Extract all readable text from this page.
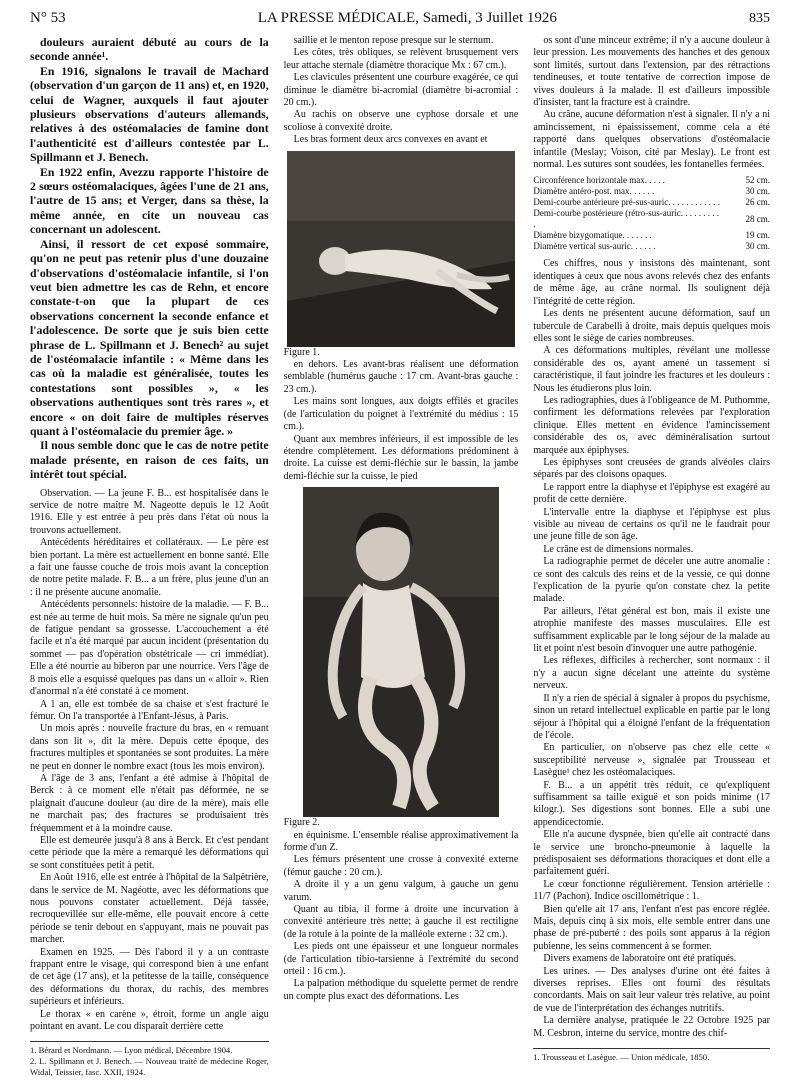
N° 53	LA PRESSE MÉDICALE, Samedi, 3 Juillet 1926	835

douleurs auraient débuté au cours de la seconde année¹.

En 1916, signalons le travail de Machard (observation d'un garçon de 11 ans) et, en 1920, celui de Wagner, auxquels il faut ajouter plusieurs observations d'auteurs allemands, relatives à des ostéomalacies de famine dont l'authenticité est d'ailleurs contestée par L. Spillmann et J. Benech.

En 1922 enfin, Avezzu rapporte l'histoire de 2 sœurs ostéomalaciques, âgées l'une de 21 ans, l'autre de 15 ans; et Verger, dans sa thèse, la même année, en cite un nouveau cas concernant un adolescent.

Ainsi, il ressort de cet exposé sommaire, qu'on ne peut pas retenir plus d'une douzaine d'observations d'ostéomalacie infantile, si l'on veut bien admettre les cas de Rehn, et encore constate-t-on que la plupart de ces observations concernent la seconde enfance et l'adolescence. De sorte que je suis bien cette phrase de L. Spillmann et J. Benech² au sujet de l'ostéomalacie infantile : « Même dans les cas où la maladie est généralisée, toutes les contestations sont possibles », « les observations authentiques sont très rares », et encore « on doit faire de multiples réserves quant à l'ostéomalacie du premier âge. »

Il nous semble donc que le cas de notre petite malade présente, en raison de ces faits, un intérêt tout spécial.

Observation. — La jeune F. B... est hospitalisée dans le service de notre maître M. Nageotte depuis le 12 Août 1916. Elle y est entrée à peu près dans l'état où nous la trouvons actuellement.

Antécédents héréditaires et collatéraux. — Le père est bien portant. La mère est actuellement en bonne santé. Elle a fait une fausse couche de trois mois avant la conception de notre petite malade. F. B... a un frère, plus jeune d'un an : il ne présente aucune anomalie.

Antécédents personnels: histoire de la maladie. — F. B... est née au terme de huit mois. Sa mère ne signale qu'un peu de fatigue pendant sa grossesse. L'accouchement a été facile et n'a été marqué par aucun incident (présentation du sommet — pas d'opération obstétricale — cri immédiat). Elle a été nourrie au biberon par une nourrice. Vers l'âge de 8 mois elle a esquissé quelques pas dans un « alloir ». Rien d'anormal n'a été constaté à ce moment.

A 1 an, elle est tombée de sa chaise et s'est fracturé le fémur. On l'a transportée à l'Enfant-Jésus, à Paris.

Un mois après : nouvelle fracture du bras, en « remuant dans son lit », dit la mère. Depuis cette époque, des fractures multiples et spontanées se sont produites. La mère ne peut en donner le nombre exact (tous les mois environ).

A l'âge de 3 ans, l'enfant a été admise à l'hôpital de Berck : à ce moment elle n'était pas déformée, ne se plaignait d'aucune douleur (au dire de la mère), mais elle ne marchait pas; des fractures se produisaient très fréquemment et à la moindre cause.

Elle est demeurée jusqu'à 8 ans à Berck. Et c'est pendant cette période que la mère a remarqué les déformations qui se sont constituées petit à petit.

En Août 1916, elle est entrée à l'hôpital de la Salpêtrière, dans le service de M. Nagéotte, avec les déformations que nous pouvons constater actuellement. Déjà tassée, recroquevillée sur elle-même, elle pouvait encore à cette période se tenir debout en s'appuyant, mais ne pouvait pas marcher.

Examen en 1925. — Dès l'abord il y a un contraste frappant entre le visage, qui correspond bien à une enfant de cet âge (17 ans), et la petitesse de la taille, conséquence des déformations du thorax, du rachis, des membres supérieurs et inférieurs.

Le thorax « en carène », étroit, forme un angle aigu pointant en avant. Le cou disparaît derrière cette

1. Bérard et Nordmann. — Lyon médical, Décembre 1904.

2. L. Spillmann et J. Benech. — Nouveau traité de médecine Roger, Widal, Teissier, fasc. XXII, 1924.

saillie et le menton repose presque sur le sternum.

Les côtes, très obliques, se relèvent brusquement vers leur attache sternale (diamètre thoracique Mx : 67 cm.).

Les clavicules présentent une courbure exagérée, ce qui diminue le diamètre bi-acromial (diamètre bi-acromial : 20 cm.).

Au rachis on observe une cyphose dorsale et une scoliose à convexité droite.

Les bras forment deux arcs convexes en avant et

Figure 1.

en dehors. Les avant-bras réalisent une déformation semblable (humérus gauche : 17 cm. Avant-bras gauche : 23 cm.).

Les mains sont longues, aux doigts effilés et graciles (de l'articulation du poignet à l'extrémité du médius : 15 cm.).

Quant aux membres inférieurs, il est impossible de les étendre complètement. Les déformations prédominent à droite. La cuisse est demi-fléchie sur le bassin, la jambe demi-fléchie sur la cuisse, le pied

Figure 2.

en équinisme. L'ensemble réalise approximativement la forme d'un Z.

Les fémurs présentent une crosse à convexité externe (fémur gauche : 20 cm.).

A droite il y a un genu valgum, à gauche un genu varum.

Quant au tibia, il forme à droite une incurvation à convexité antérieure très nette; à gauche il est rectiligne (de la rotule à la pointe de la malléole externe : 32 cm.).

Les pieds ont une épaisseur et une longueur normales (de l'articulation tibio-tarsienne à l'extrémité du second orteil : 16 cm.).

La palpation méthodique du squelette permet de rendre un compte plus exact des déformations. Les

os sont d'une minceur extrême; il n'y a aucune douleur à leur pression. Les mouvements des hanches et des genoux sont limités, surtout dans l'extension, par des rétractions tendineuses, et toute tentative de correction impose de vives douleurs à la malade. Il est d'ailleurs impossible d'insister, tant la fracture est à craindre.

Au crâne, aucune déformation n'est à signaler. Il n'y a ni amincissement, ni épaississement, comme cela a été rapporté dans quelques observations d'ostéomalacie infantile (Meslay; Voison, cité par Meslay). Le front est normal. Les sutures sont soudées, les fontanelles fermées.

Circonférence horizontale max. . . . .	52 cm.
Diamètre antéro-post. max. . . . . .	30 cm.
Demi-courbe antérieure pré-sus-auric. . . . . . . . . . . .	26 cm.
Demi-courbe postérieure (rétro-sus-auric. . . . . . . . . .	28 cm.
Diamètre bizygomatique. . . . . . .	19 cm.
Diamètre vertical sus-auric. . . . . .	30 cm.

Ces chiffres, nous y insistons dès maintenant, sont identiques à ceux que nous avons relevés chez des enfants de même âge, au crâne normal. Ils soulignent déjà l'intégrité de cette région.

Les dents ne présentent aucune déformation, sauf un tubercule de Carabelli à droite, mais depuis quelques mois elles sont le siège de caries nombreuses.

A ces déformations multiples, révélant une mollesse considérable des os, ayant amené un tassement si caractéristique, il faut joindre les fractures et les douleurs : Nous les étudierons plus loin.

Les radiographies, dues à l'obligeance de M. Puthomme, confirment les déformations relevées par l'exploration clinique. Elles mettent en évidence l'amincissement considérable des os, avec déminéralisation surtout marquée aux épiphyses.

Les épiphyses sont creusées de grands alvéoles clairs séparés par des cloisons opaques.

Le rapport entre la diaphyse et l'épiphyse est exagéré au profit de cette dernière.

L'intervalle entre la diaphyse et l'épiphyse est plus visible au niveau de certains os qu'il ne le faudrait pour une jeune fille de son âge.

Le crâne est de dimensions normales.

La radiographie permet de déceler une autre anomalie : ce sont des calculs des reins et de la vessie, ce qui donne l'explication de la pyurie qu'on constate chez la petite malade.

Par ailleurs, l'état général est bon, mais il existe une atrophie manifeste des masses musculaires. Elle est suffisamment explicable par le long séjour de la malade au lit et point n'est besoin d'invoquer une autre pathogénie.

Les réflexes, difficiles à rechercher, sont normaux : il n'y a aucun signe décelant une atteinte du système nerveux.

Il n'y a rien de spécial à signaler à propos du psychisme, sinon un retard intellectuel explicable en partie par le long séjour à l'hôpital qui a éloigné l'enfant de la fréquentation de l'école.

En particulier, on n'observe pas chez elle cette « susceptibilité nerveuse », signalée par Trousseau et Lasègue¹ chez les ostéomalaciques.

F. B... a un appétit très réduit, ce qu'expliquent suffisamment sa taille exiguë et son poids minime (17 kilogr.). Ses digestions sont bonnes. Elle a subi une appendicectomie.

Elle n'a aucune dyspnée, bien qu'elle ait contracté dans le service une broncho-pneumonie à laquelle la prédisposaient ses déformations thoraciques et dont elle a parfaitement guéri.

Le cœur fonctionne régulièrement. Tension artérielle : 11/7 (Pachon). Indice oscillométrique : 1.

Bien qu'elle ait 17 ans, l'enfant n'est pas encore réglée. Mais, depuis cinq à six mois, elle semble entrer dans une phase de pré-puberté : des poils sont apparus à la région pubienne, les seins commencent à se former.

Divers examens de laboratoire ont été pratiqués.

Les urines. — Des analyses d'urine ont été faites à diverses reprises. Elles ont fourni des résultats concordants. Mais on sait leur valeur très relative, au point de vue de l'interprétation des échanges nutritifs.

La dernière analyse, pratiquée le 22 Octobre 1925 par M. Cesbron, interne du service, montre des chif-

1. Trousseau et Lasègue. — Union médicale, 1850.
